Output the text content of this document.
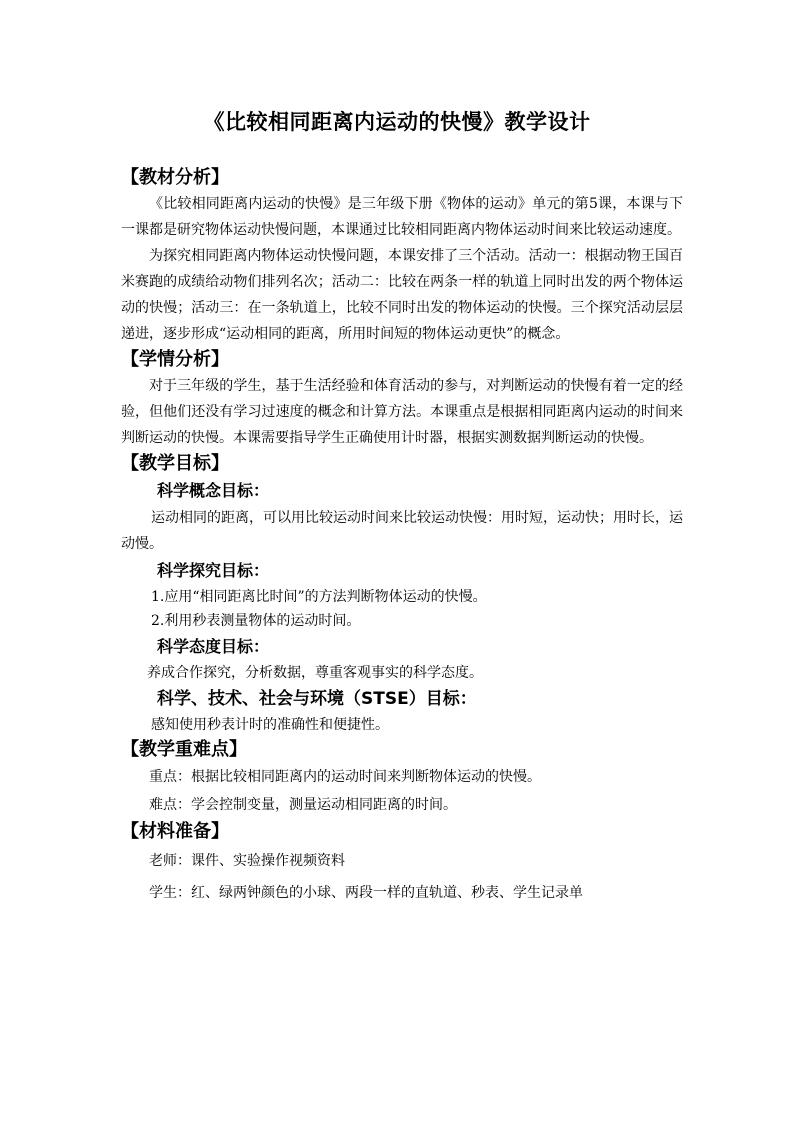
《比较相同距离内运动的快慢》教学设计

【教材分析】

《比较相同距离内运动的快慢》是三年级下册《物体的运动》单元的第5课，本课与下一课都是研究物体运动快慢问题，本课通过比较相同距离内物体运动时间来比较运动速度。

为探究相同距离内物体运动快慢问题，本课安排了三个活动。活动一：根据动物王国百米赛跑的成绩给动物们排列名次；活动二：比较在两条一样的轨道上同时出发的两个物体运动的快慢；活动三：在一条轨道上，比较不同时出发的物体运动的快慢。三个探究活动层层递进，逐步形成“运动相同的距离，所用时间短的物体运动更快”的概念。

【学情分析】

对于三年级的学生，基于生活经验和体育活动的参与，对判断运动的快慢有着一定的经验，但他们还没有学习过速度的概念和计算方法。本课重点是根据相同距离内运动的时间来判断运动的快慢。本课需要指导学生正确使用计时器，根据实测数据判断运动的快慢。

【教学目标】

科学概念目标：

运动相同的距离，可以用比较运动时间来比较运动快慢：用时短，运动快；用时长，运动慢。

科学探究目标：

1.应用“相同距离比时间”的方法判断物体运动的快慢。

2.利用秒表测量物体的运动时间。

科学态度目标：

养成合作探究，分析数据，尊重客观事实的科学态度。

科学、技术、社会与环境（STSE）目标：

感知使用秒表计时的准确性和便捷性。

【教学重难点】

重点：根据比较相同距离内的运动时间来判断物体运动的快慢。

难点：学会控制变量，测量运动相同距离的时间。

【材料准备】

老师：课件、实验操作视频资料

学生：红、绿两钟颜色的小球、两段一样的直轨道、秒表、学生记录单
